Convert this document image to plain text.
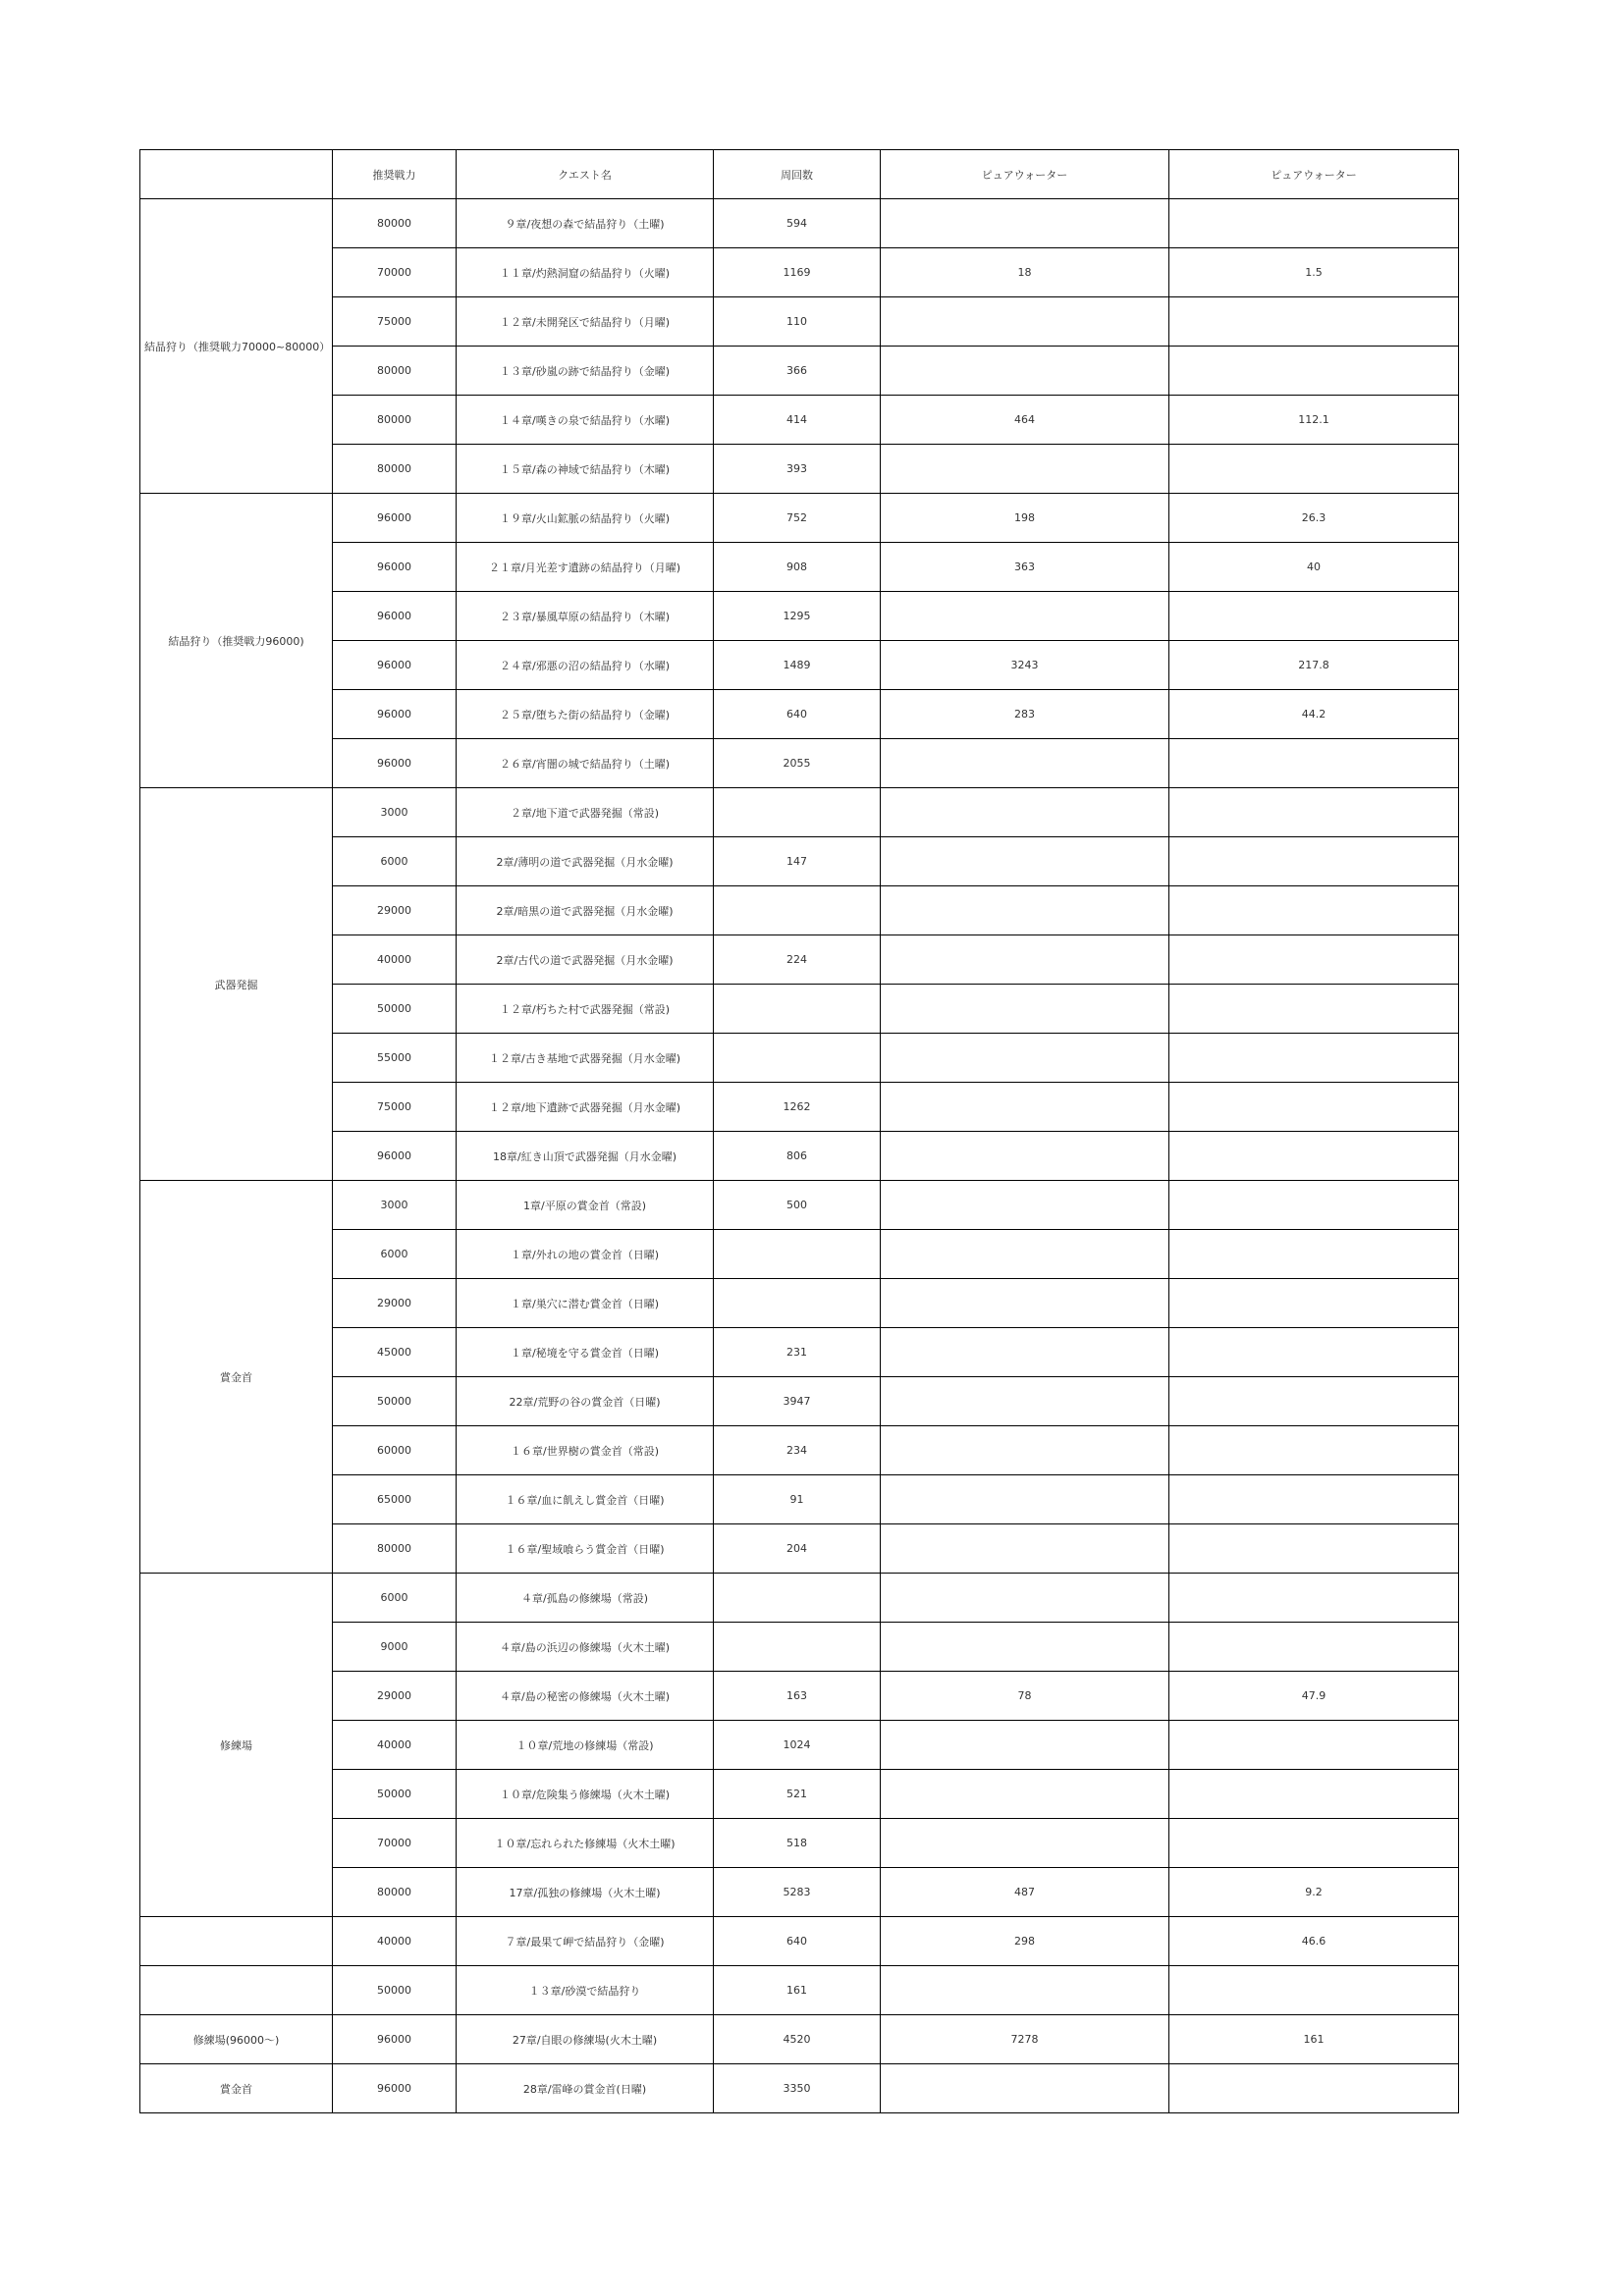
	推奨戦力	クエスト名	周回数	ピュアウォーター	ピュアウォーター
結晶狩り（推奨戦力70000~80000）	80000	９章/夜想の森で結晶狩り（土曜)	594		
	70000	１１章/灼熱洞窟の結晶狩り（火曜)	1169	18	1.5
	75000	１２章/未開発区で結晶狩り（月曜)	110		
	80000	１３章/砂嵐の跡で結晶狩り（金曜)	366		
	80000	１４章/嘆きの泉で結晶狩り（水曜)	414	464	112.1
	80000	１５章/森の神域で結晶狩り（木曜)	393		
結晶狩り（推奨戦力96000)	96000	１９章/火山鉱脈の結晶狩り（火曜)	752	198	26.3
	96000	２１章/月光差す遺跡の結晶狩り（月曜)	908	363	40
	96000	２３章/暴風草原の結晶狩り（木曜)	1295		
	96000	２４章/邪悪の沼の結晶狩り（水曜)	1489	3243	217.8
	96000	２５章/堕ちた街の結晶狩り（金曜)	640	283	44.2
	96000	２６章/宵闇の城で結晶狩り（土曜)	2055		
武器発掘	3000	２章/地下道で武器発掘（常設)			
	6000	2章/薄明の道で武器発掘（月水金曜)	147		
	29000	2章/暗黒の道で武器発掘（月水金曜)			
	40000	2章/古代の道で武器発掘（月水金曜)	224		
	50000	１２章/朽ちた村で武器発掘（常設)			
	55000	１２章/古き基地で武器発掘（月水金曜)			
	75000	１２章/地下遺跡で武器発掘（月水金曜)	1262		
	96000	18章/紅き山頂で武器発掘（月水金曜)	806		
賞金首	3000	1章/平原の賞金首（常設)	500		
	6000	１章/外れの地の賞金首（日曜)			
	29000	１章/巣穴に潜む賞金首（日曜)			
	45000	１章/秘境を守る賞金首（日曜)	231		
	50000	22章/荒野の谷の賞金首（日曜)	3947		
	60000	１６章/世界樹の賞金首（常設)	234		
	65000	１６章/血に飢えし賞金首（日曜)	91		
	80000	１６章/聖域喰らう賞金首（日曜)	204		
修練場	6000	４章/孤島の修練場（常設)			
	9000	４章/島の浜辺の修練場（火木土曜)			
	29000	４章/島の秘密の修練場（火木土曜)	163	78	47.9
	40000	１０章/荒地の修練場（常設)	1024		
	50000	１０章/危険集う修練場（火木土曜)	521		
	70000	１０章/忘れられた修練場（火木土曜)	518		
	80000	17章/孤独の修練場（火木土曜)	5283	487	9.2
	40000	７章/最果て岬で結晶狩り（金曜)	640	298	46.6
	50000	１３章/砂漠で結晶狩り	161		
修練場(96000〜)	96000	27章/自眼の修練場(火木土曜)	4520	7278	161
賞金首	96000	28章/雷峰の賞金首(日曜)	3350		
